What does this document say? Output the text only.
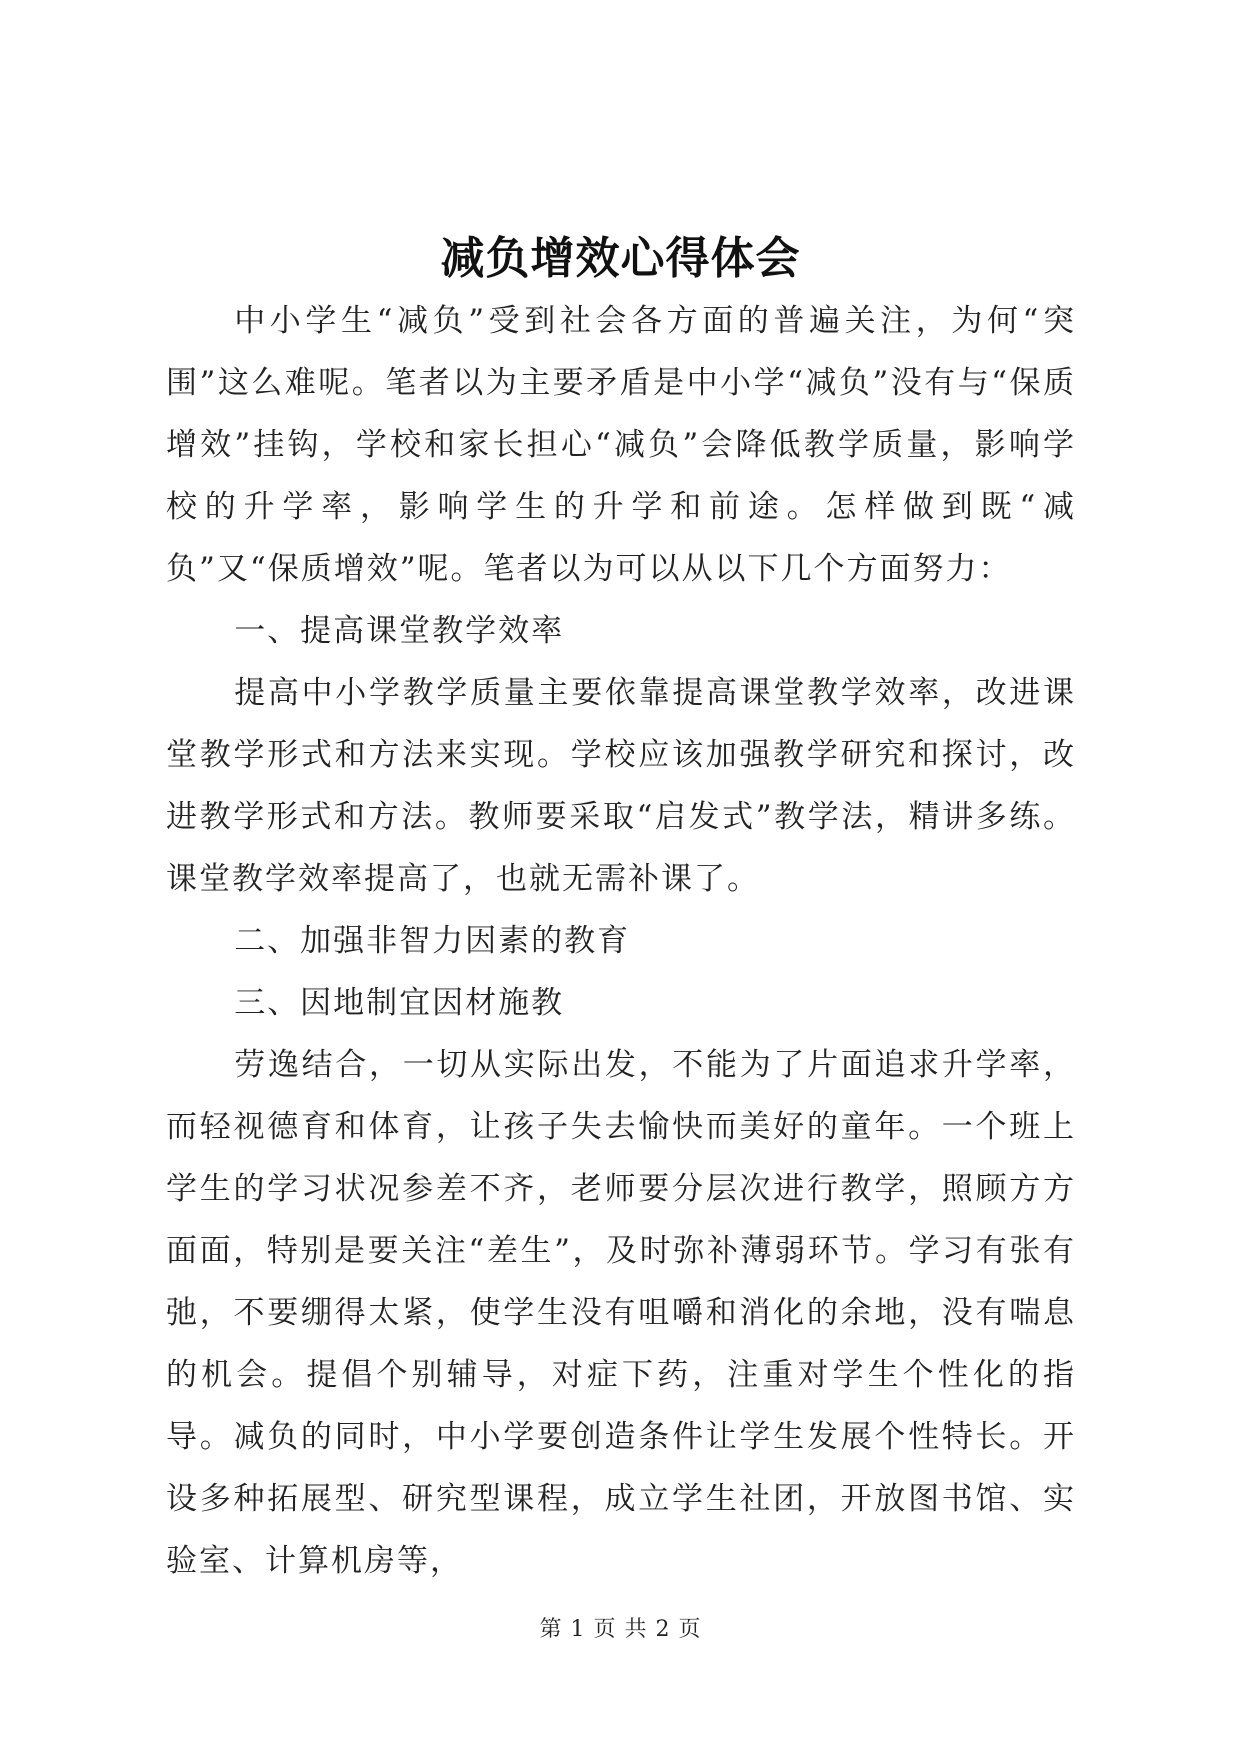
减负增效心得体会

中小学生“减负”受到社会各方面的普遍关注，为何“突围”这么难呢。笔者以为主要矛盾是中小学“减负”没有与“保质增效”挂钩，学校和家长担心“减负”会降低教学质量，影响学校的升学率，影响学生的升学和前途。怎样做到既“减负”又“保质增效”呢。笔者以为可以从以下几个方面努力：

一、提高课堂教学效率

提高中小学教学质量主要依靠提高课堂教学效率，改进课堂教学形式和方法来实现。学校应该加强教学研究和探讨，改进教学形式和方法。教师要采取“启发式”教学法，精讲多练。课堂教学效率提高了，也就无需补课了。

二、加强非智力因素的教育

三、因地制宜因材施教

劳逸结合，一切从实际出发，不能为了片面追求升学率，而轻视德育和体育，让孩子失去愉快而美好的童年。一个班上学生的学习状况参差不齐，老师要分层次进行教学，照顾方方面面，特别是要关注“差生”，及时弥补薄弱环节。学习有张有弛，不要绷得太紧，使学生没有咀嚼和消化的余地，没有喘息的机会。提倡个别辅导，对症下药，注重对学生个性化的指导。减负的同时，中小学要创造条件让学生发展个性特长。开设多种拓展型、研究型课程，成立学生社团，开放图书馆、实验室、计算机房等，

第 1 页 共 2 页
